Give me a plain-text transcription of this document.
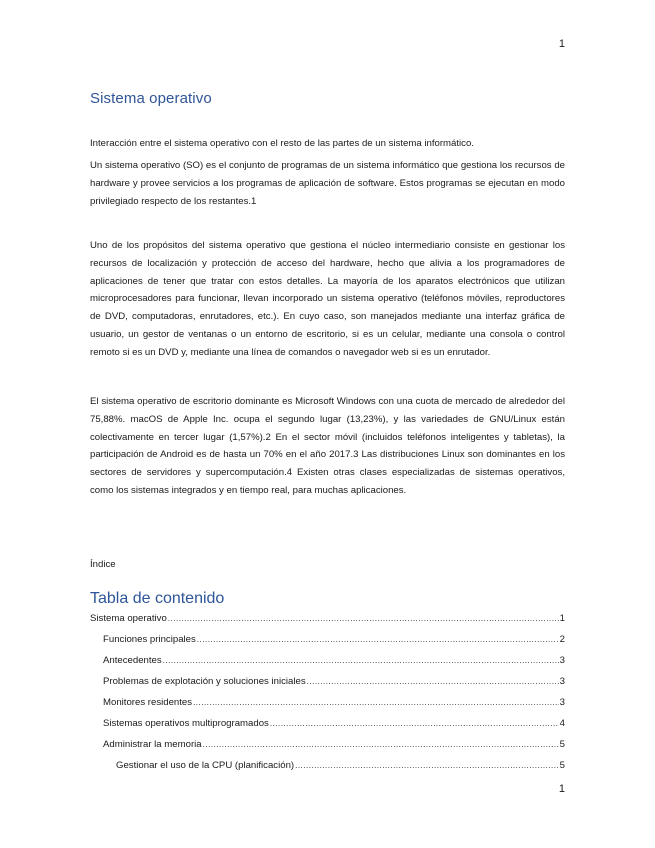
1
Sistema operativo

Interacción entre el sistema operativo con el resto de las partes de un sistema informático.

Un sistema operativo (SO) es el conjunto de programas de un sistema informático que gestiona los recursos de hardware y provee servicios a los programas de aplicación de software. Estos programas se ejecutan en modo privilegiado respecto de los restantes.1

Uno de los propósitos del sistema operativo que gestiona el núcleo intermediario consiste en gestionar los recursos de localización y protección de acceso del hardware, hecho que alivia a los programadores de aplicaciones de tener que tratar con estos detalles. La mayoría de los aparatos electrónicos que utilizan microprocesadores para funcionar, llevan incorporado un sistema operativo (teléfonos móviles, reproductores de DVD, computadoras, enrutadores, etc.). En cuyo caso, son manejados mediante una interfaz gráfica de usuario, un gestor de ventanas o un entorno de escritorio, si es un celular, mediante una consola o control remoto si es un DVD y, mediante una línea de comandos o navegador web si es un enrutador.

El sistema operativo de escritorio dominante es Microsoft Windows con una cuota de mercado de alrededor del 75,88%. macOS de Apple Inc. ocupa el segundo lugar (13,23%), y las variedades de GNU/Linux están colectivamente en tercer lugar (1,57%).2 En el sector móvil (incluidos teléfonos inteligentes y tabletas), la participación de Android es de hasta un 70% en el año 2017.3 Las distribuciones Linux son dominantes en los sectores de servidores y supercomputación.4 Existen otras clases especializadas de sistemas operativos, como los sistemas integrados y en tiempo real, para muchas aplicaciones.

Índice
Tabla de contenido
Sistema operativo .....	1
Funciones principales .....	2
Antecedentes .....	3
Problemas de explotación y soluciones iniciales .....	3
Monitores residentes .....	3
Sistemas operativos multiprogramados .....	4
Administrar la memoria .....	5
Gestionar el uso de la CPU (planificación) .....	5
1
